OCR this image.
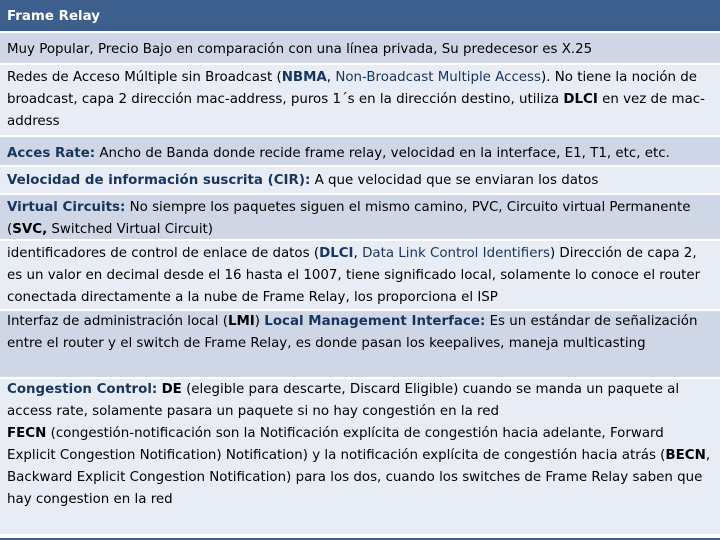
Frame Relay
Muy Popular, Precio Bajo en comparación con una línea privada, Su predecesor es X.25
Redes de Acceso Múltiple sin Broadcast (NBMA, Non-Broadcast Multiple Access). No tiene la noción de broadcast, capa 2 dirección mac-address, puros 1´s en la dirección destino, utiliza DLCI en vez de mac-address
Acces Rate: Ancho de Banda donde recide frame relay, velocidad en la interface, E1, T1, etc, etc.
Velocidad de información suscrita (CIR): A que velocidad que se enviaran los datos
Virtual Circuits: No siempre los paquetes siguen el mismo camino, PVC, Circuito virtual Permanente (SVC, Switched Virtual Circuit)
identificadores de control de enlace de datos (DLCI, Data Link Control Identifiers) Dirección de capa 2, es un valor en decimal desde el 16 hasta el 1007, tiene significado local, solamente lo conoce el router conectada directamente a la nube de Frame Relay, los proporciona el ISP
Interfaz de administración local (LMI) Local Management Interface: Es un estándar de señalización entre el router y el switch de Frame Relay, es donde pasan los keepalives, maneja multicasting
Congestion Control: DE (elegible para descarte, Discard Eligible) cuando se manda un paquete al access rate, solamente pasara un paquete si no hay congestión en la red
FECN (congestión-notificación son la Notificación explícita de congestión hacia adelante, Forward Explicit Congestion Notification) Notification) y la notificación explícita de congestión hacia atrás (BECN, Backward Explicit Congestion Notification) para los dos, cuando los switches de Frame Relay saben que hay congestion en la red
